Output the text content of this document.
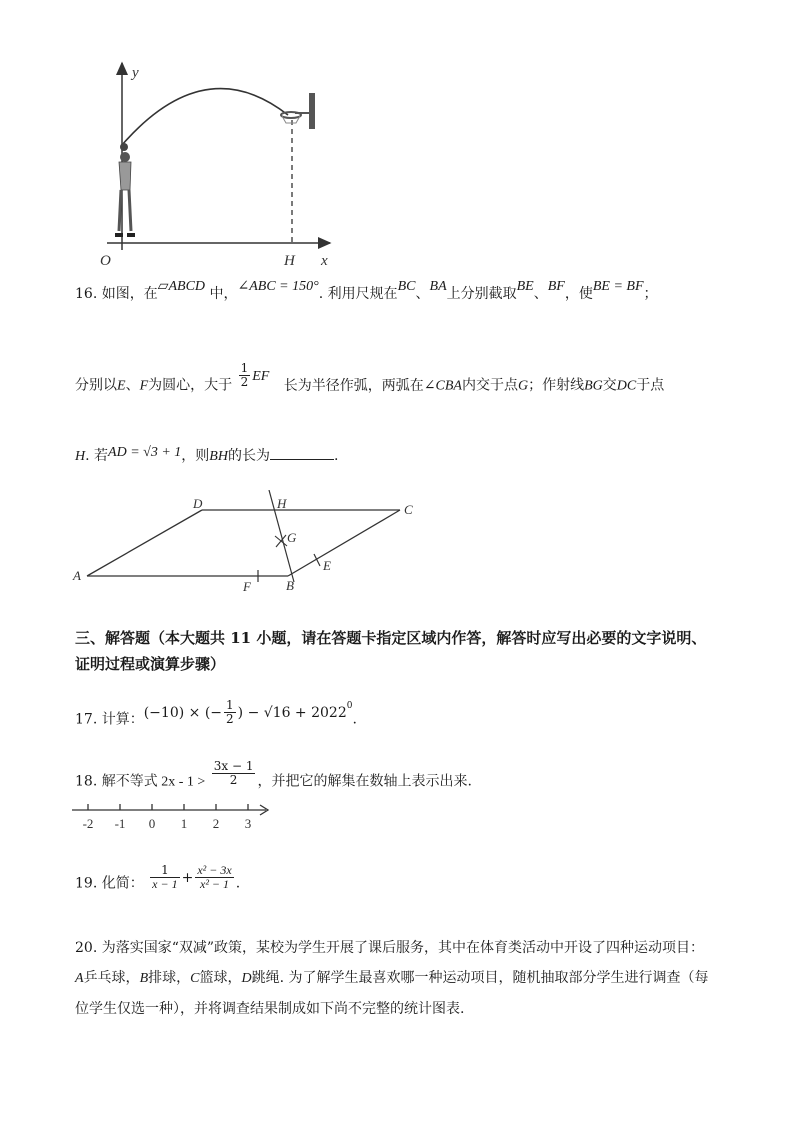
y
x
O	H
16. 如图，在▱ABCD 中，∠ABC = 150°. 利用尺规在BC、BA上分别截取BE、BF，使BE = BF；
分别以E、F为圆心，大于 $\frac{1}{2}$ EF 长为半径作弧，两弧在∠CBA内交于点G；作射线BG交DC于点
H. 若AD = √3 + 1，则BH的长为	.
A
B
C
D
E
F
G
H
三、解答题（本大题共 11 小题，请在答题卡指定区域内作答，解答时应写出必要的文字说明、
证明过程或演算步骤）
17. 计算：(−10) × (− $\frac{1}{2}$ ) − $√16 + 2022^0$.
18. 解不等式 $2x - 1 > \frac{3x - 1}{2}$ ，并把它的解集在数轴上表示出来.
-2 -1 0 1 2 3
19. 化简： $\frac{1}{x - 1} + \frac{\text{x² − 3x}}{\text{x² − 1}}$ .
20. 为落实国家“双减”政策，某校为学生开展了课后服务，其中在体育类活动中开设了四种运动项目：
A乒乓球，B排球，C篮球，D跳绳. 为了解学生最喜欢哪一种运动项目，随机抽取部分学生进行调查（每
位学生仅选一种），并将调查结果制成如下尚不完整的统计图表.
